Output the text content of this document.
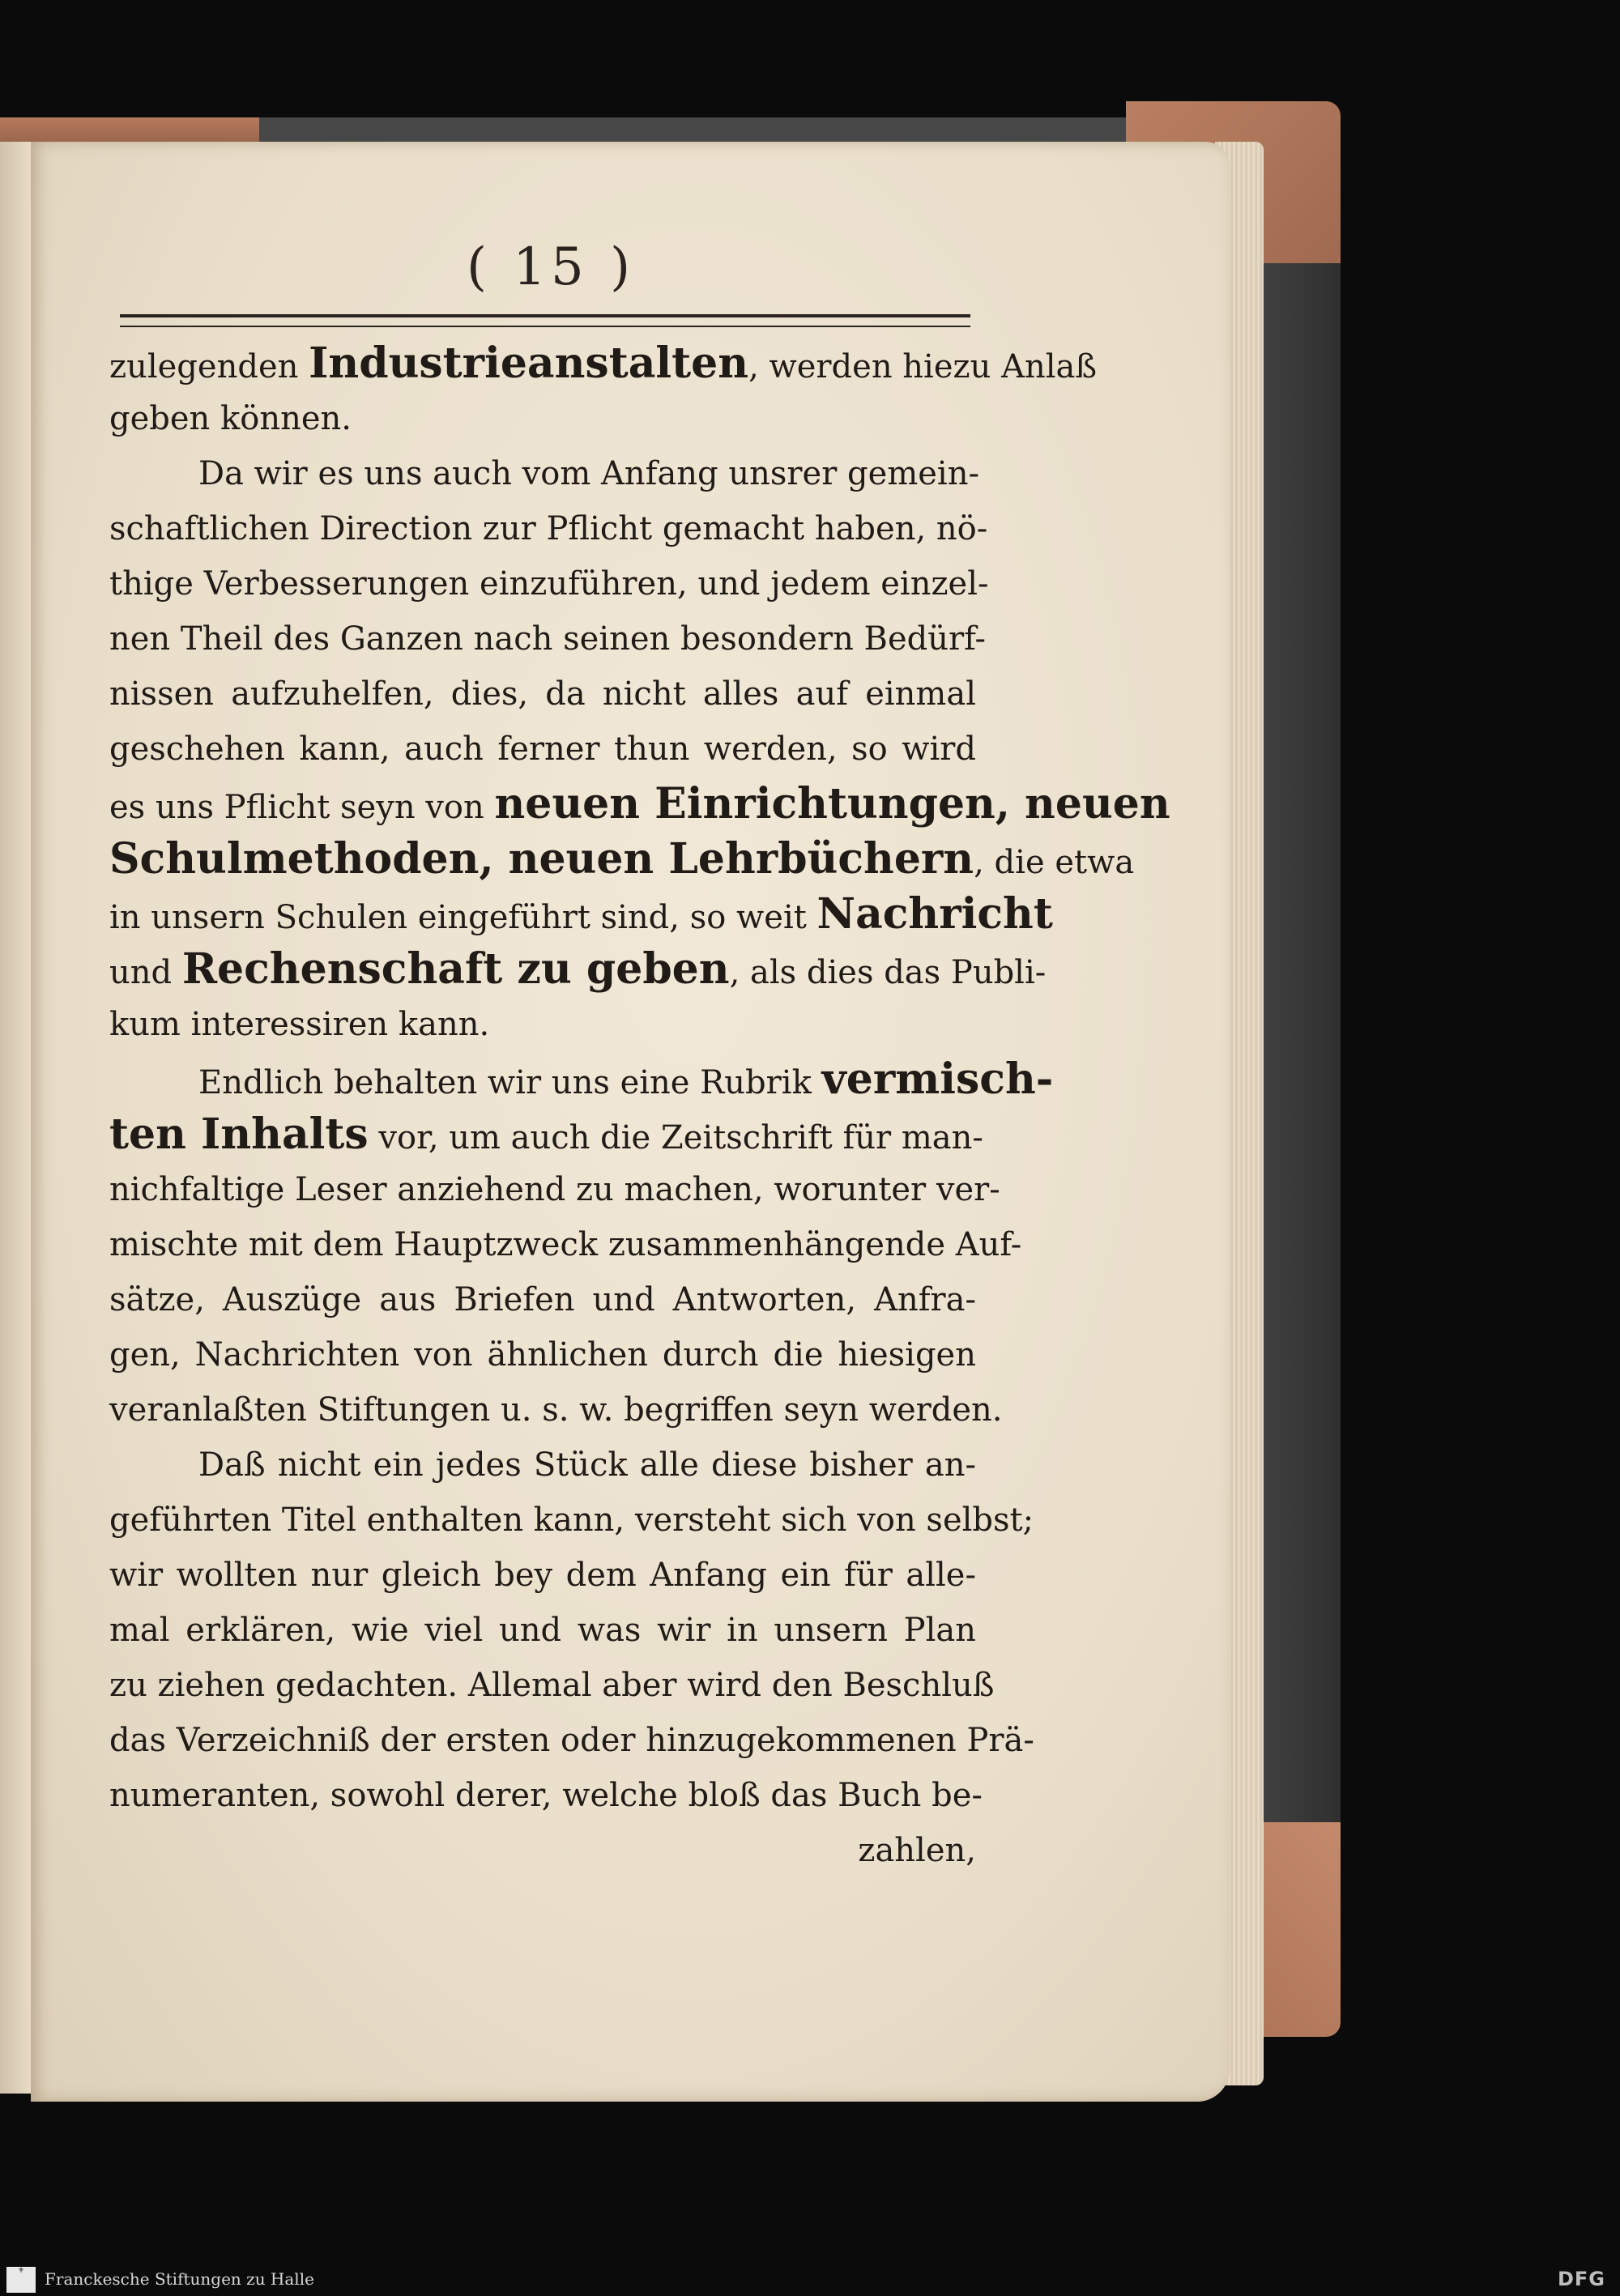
( 15 )
zulegenden Industrieanstalten, werden hiezu Anlaß
geben können.
Da wir es uns auch vom Anfang unsrer gemein-
schaftlichen Direction zur Pflicht gemacht haben, nö-
thige Verbesserungen einzuführen, und jedem einzel-
nen Theil des Ganzen nach seinen besondern Bedürf-
nissen aufzuhelfen, dies, da nicht alles auf einmal
geschehen kann, auch ferner thun werden, so wird
es uns Pflicht seyn von neuen Einrichtungen, neuen
Schulmethoden, neuen Lehrbüchern, die etwa
in unsern Schulen eingeführt sind, so weit Nachricht
und Rechenschaft zu geben, als dies das Publi-
kum interessiren kann.
Endlich behalten wir uns eine Rubrik vermisch-
ten Inhalts vor, um auch die Zeitschrift für man-
nichfaltige Leser anziehend zu machen, worunter ver-
mischte mit dem Hauptzweck zusammenhängende Auf-
sätze, Auszüge aus Briefen und Antworten, Anfra-
gen, Nachrichten von ähnlichen durch die hiesigen
veranlaßten Stiftungen u. s. w. begriffen seyn werden.
Daß nicht ein jedes Stück alle diese bisher an-
geführten Titel enthalten kann, versteht sich von selbst;
wir wollten nur gleich bey dem Anfang ein für alle-
mal erklären, wie viel und was wir in unsern Plan
zu ziehen gedachten. Allemal aber wird den Beschluß
das Verzeichniß der ersten oder hinzugekommenen Prä-
numeranten, sowohl derer, welche bloß das Buch be-
zahlen,
⚜	Franckesche Stiftungen zu Halle	DFG
